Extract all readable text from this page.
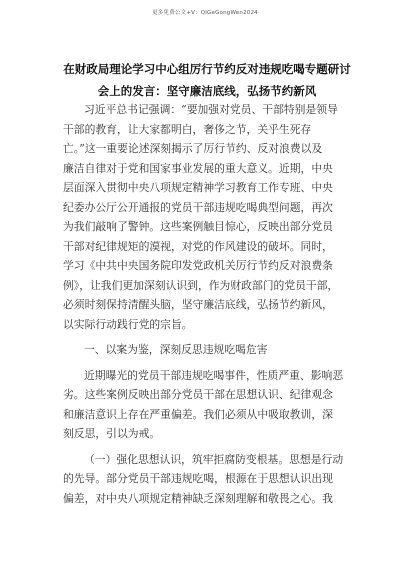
更多免费公文+V：QiGeGongWen2024
在财政局理论学习中心组厉行节约反对违规吃喝专题研讨
会上的发言：坚守廉洁底线，弘扬节约新风
习近平总书记强调：“要加强对党员、干部特别是领导
干部的教育，让大家都明白，奢侈之节，关乎生死存
亡。”这一重要论述深刻揭示了厉行节约、反对浪费以及
廉洁自律对于党和国家事业发展的重大意义。近期，中央
层面深入贯彻中央八项规定精神学习教育工作专班、中央
纪委办公厅公开通报的党员干部违规吃喝典型问题，再次
为我们敲响了警钟。这些案例触目惊心，反映出部分党员
干部对纪律规矩的漠视，对党的作风建设的破坏。同时，
学习《中共中央国务院印发党政机关厉行节约反对浪费条
例》，让我们更加深刻认识到，作为财政部门的党员干部，
必须时刻保持清醒头脑，坚守廉洁底线，弘扬节约新风，
以实际行动践行党的宗旨。
一、以案为鉴，深刻反思违规吃喝危害
近期曝光的党员干部违规吃喝事件，性质严重、影响恶
劣。这些案例反映出部分党员干部在思想认识、纪律观念
和廉洁意识上存在严重偏差。我们必须从中吸取教训，深
刻反思，引以为戒。
（一）强化思想认识，筑牢拒腐防变根基。思想是行动
的先导。部分党员干部违规吃喝，根源在于思想认识出现
偏差，对中央八项规定精神缺乏深刻理解和敬畏之心。我
